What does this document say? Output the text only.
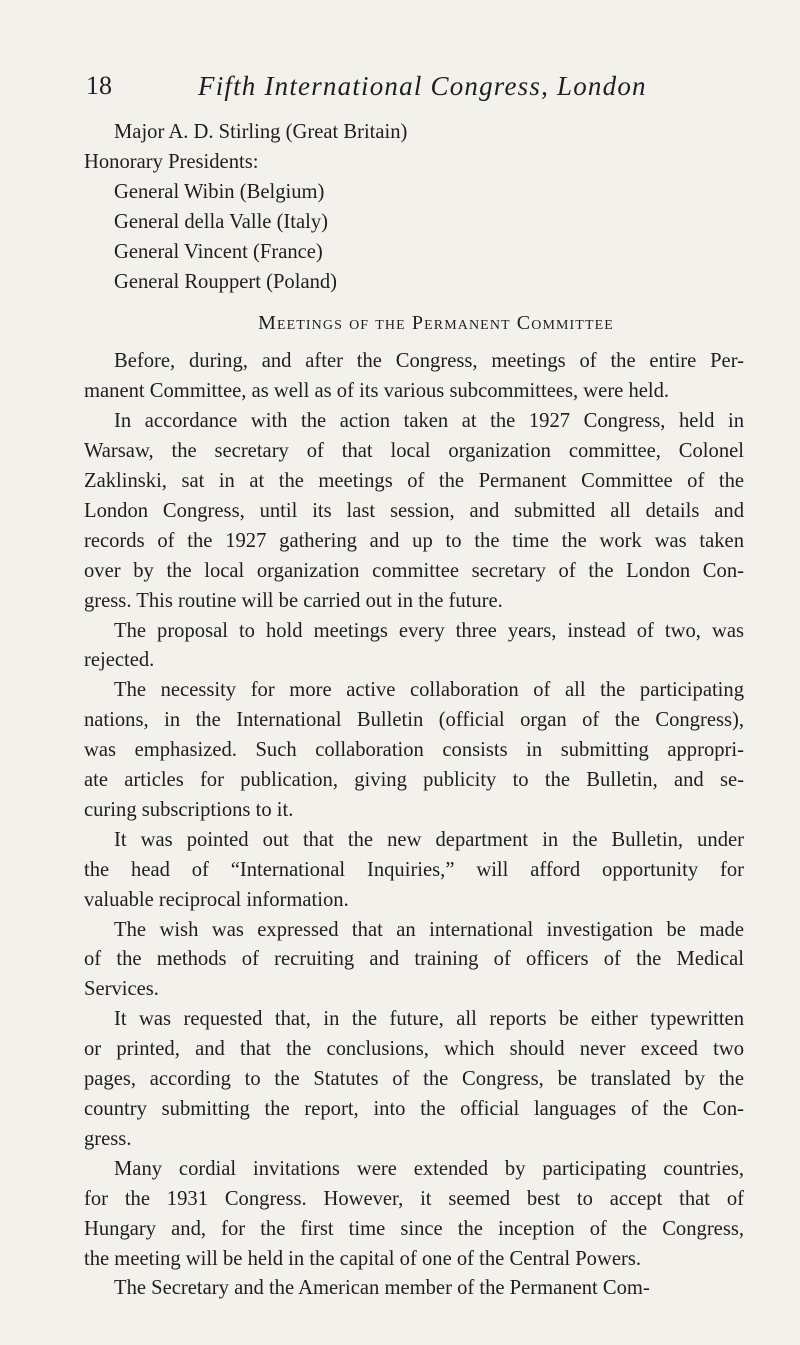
18	Fifth International Congress, London
Major A. D. Stirling (Great Britain)
Honorary Presidents:
General Wibin (Belgium)
General della Valle (Italy)
General Vincent (France)
General Rouppert (Poland)
Meetings of the Permanent Committee
Before, during, and after the Congress, meetings of the entire Per-
manent Committee, as well as of its various subcommittees, were held.
In accordance with the action taken at the 1927 Congress, held in
Warsaw, the secretary of that local organization committee, Colonel
Zaklinski, sat in at the meetings of the Permanent Committee of the
London Congress, until its last session, and submitted all details and
records of the 1927 gathering and up to the time the work was taken
over by the local organization committee secretary of the London Con-
gress. This routine will be carried out in the future.
The proposal to hold meetings every three years, instead of two, was
rejected.
The necessity for more active collaboration of all the participating
nations, in the International Bulletin (official organ of the Congress),
was emphasized. Such collaboration consists in submitting appropri-
ate articles for publication, giving publicity to the Bulletin, and se-
curing subscriptions to it.
It was pointed out that the new department in the Bulletin, under
the head of “International Inquiries,” will afford opportunity for
valuable reciprocal information.
The wish was expressed that an international investigation be made
of the methods of recruiting and training of officers of the Medical
Services.
It was requested that, in the future, all reports be either typewritten
or printed, and that the conclusions, which should never exceed two
pages, according to the Statutes of the Congress, be translated by the
country submitting the report, into the official languages of the Con-
gress.
Many cordial invitations were extended by participating countries,
for the 1931 Congress. However, it seemed best to accept that of
Hungary and, for the first time since the inception of the Congress,
the meeting will be held in the capital of one of the Central Powers.
The Secretary and the American member of the Permanent Com-
